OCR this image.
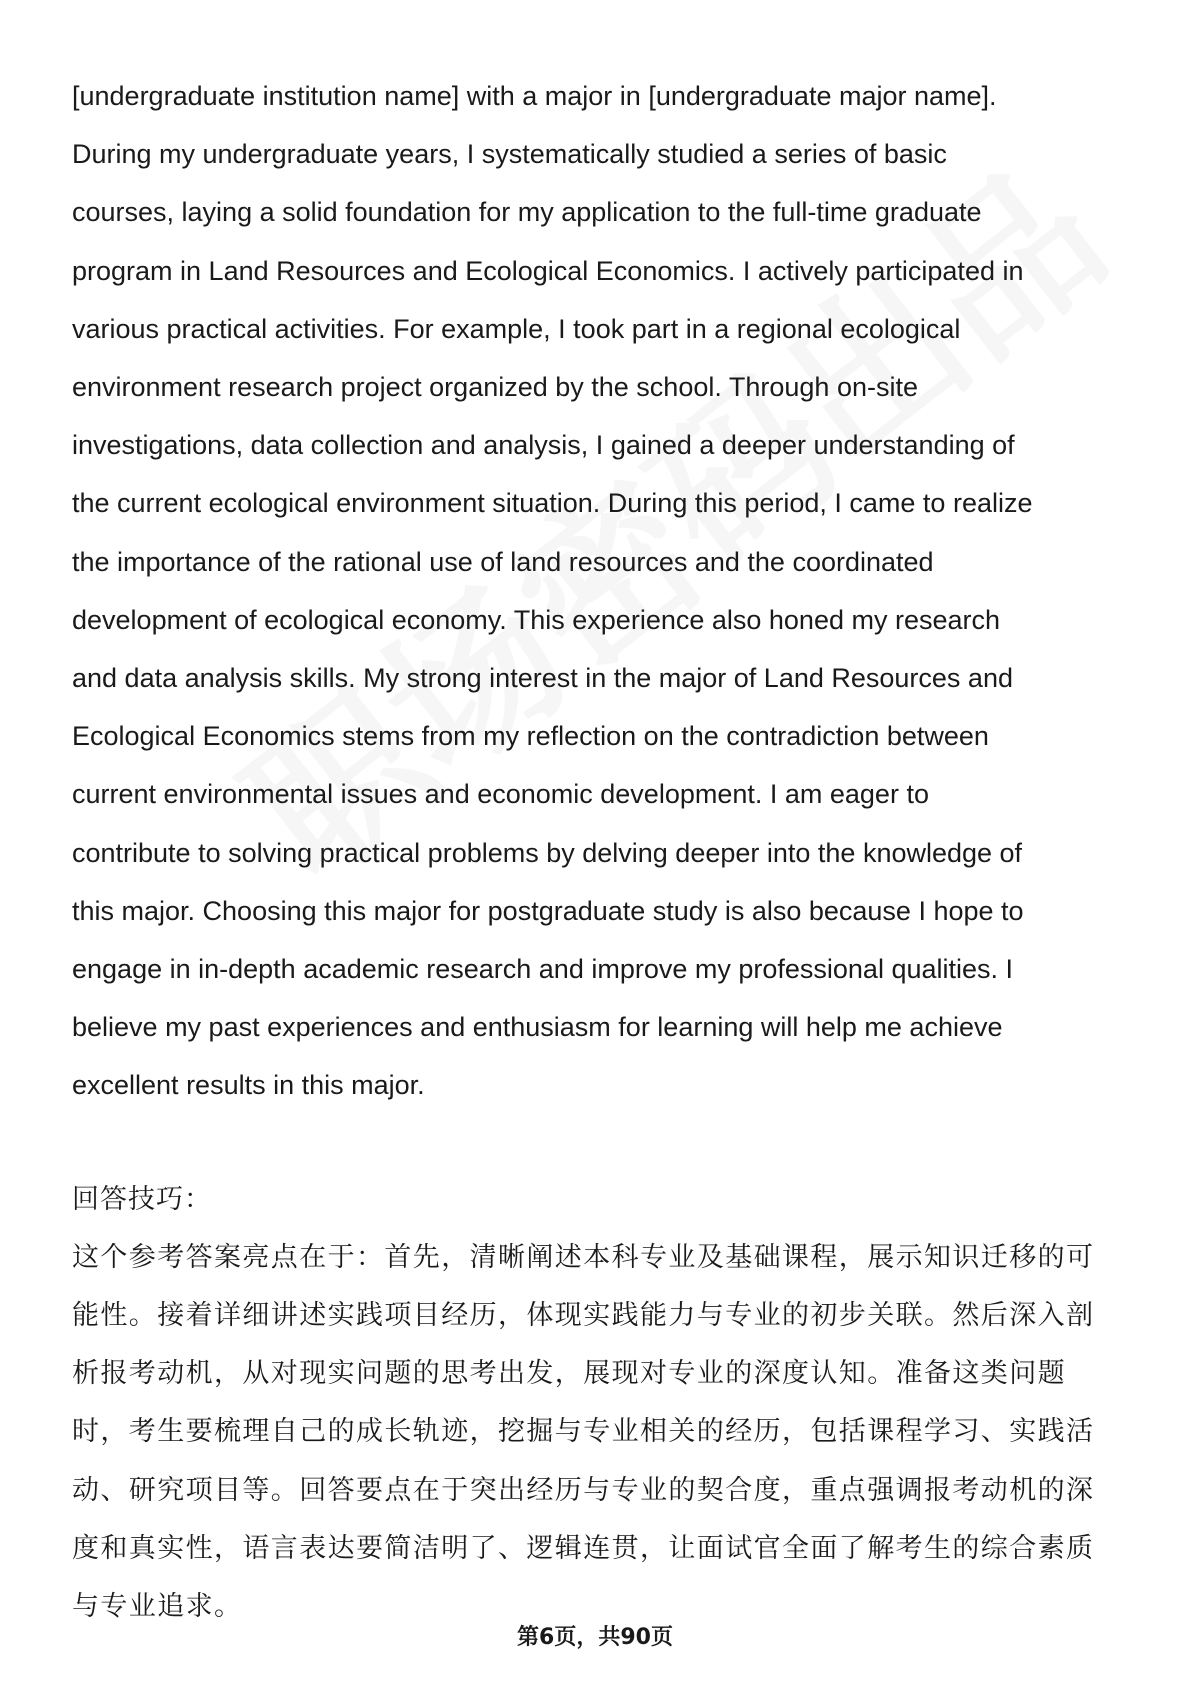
[undergraduate institution name] with a major in [undergraduate major name].
During my undergraduate years, I systematically studied a series of basic
courses, laying a solid foundation for my application to the full-time graduate
program in Land Resources and Ecological Economics. I actively participated in
various practical activities. For example, I took part in a regional ecological
environment research project organized by the school. Through on-site
investigations, data collection and analysis, I gained a deeper understanding of
the current ecological environment situation. During this period, I came to realize
the importance of the rational use of land resources and the coordinated
development of ecological economy. This experience also honed my research
and data analysis skills. My strong interest in the major of Land Resources and
Ecological Economics stems from my reflection on the contradiction between
current environmental issues and economic development. I am eager to
contribute to solving practical problems by delving deeper into the knowledge of
this major. Choosing this major for postgraduate study is also because I hope to
engage in in-depth academic research and improve my professional qualities. I
believe my past experiences and enthusiasm for learning will help me achieve
excellent results in this major.

回答技巧：

这个参考答案亮点在于：首先，清晰阐述本科专业及基础课程，展示知识迁移的可
能性。接着详细讲述实践项目经历，体现实践能力与专业的初步关联。然后深入剖
析报考动机，从对现实问题的思考出发，展现对专业的深度认知。准备这类问题
时，考生要梳理自己的成长轨迹，挖掘与专业相关的经历，包括课程学习、实践活
动、研究项目等。回答要点在于突出经历与专业的契合度，重点强调报考动机的深
度和真实性，语言表达要简洁明了、逻辑连贯，让面试官全面了解考生的综合素质
与专业追求。

第6页，共90页
